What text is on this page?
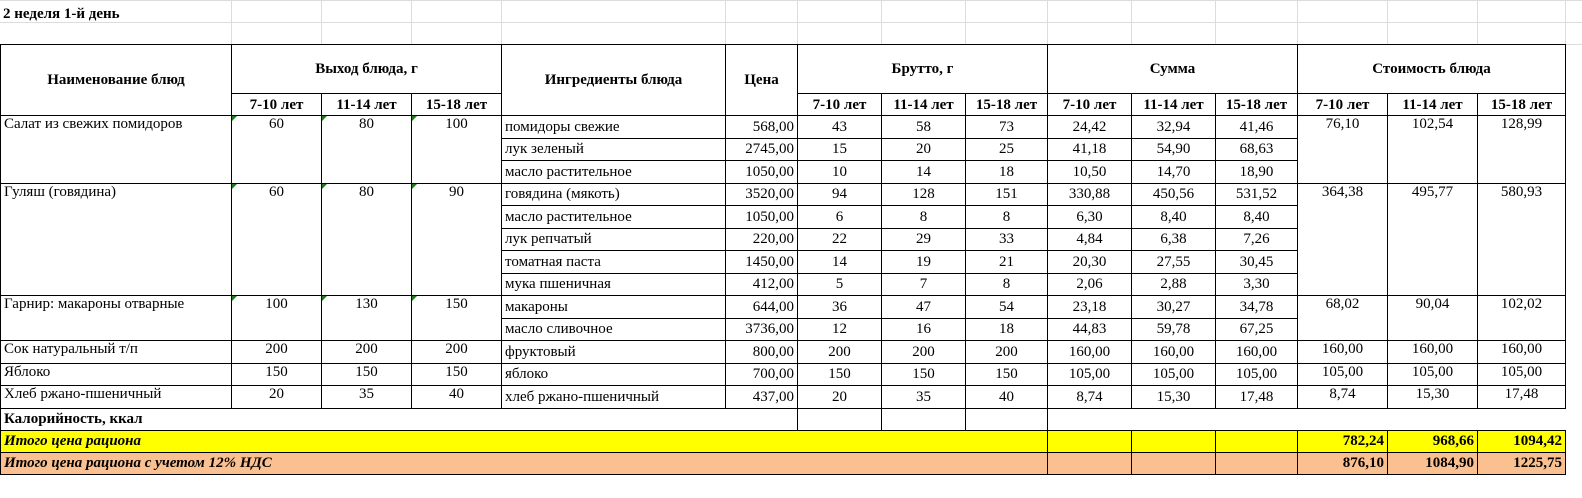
2 неделя 1-й день
Наименование блюд	Выход блюда, г			Ингредиенты блюда	Цена	Брутто, г			Сумма			Стоимость блюда		
	7-10 лет	11-14 лет	15-18 лет			7-10 лет	11-14 лет	15-18 лет	7-10 лет	11-14 лет	15-18 лет	7-10 лет	11-14 лет	15-18 лет
Салат из свежих помидоров	60	80	100	помидоры свежие	568,00	43	58	73	24,42	32,94	41,46	76,10	102,54	128,99
				лук зеленый	2745,00	15	20	25	41,18	54,90	68,63			
				масло растительное	1050,00	10	14	18	10,50	14,70	18,90			
Гуляш (говядина)	60	80	90	говядина (мякоть)	3520,00	94	128	151	330,88	450,56	531,52	364,38	495,77	580,93
				масло растительное	1050,00	6	8	8	6,30	8,40	8,40			
				лук репчатый	220,00	22	29	33	4,84	6,38	7,26			
				томатная паста	1450,00	14	19	21	20,30	27,55	30,45			
				мука пшеничная	412,00	5	7	8	2,06	2,88	3,30			
Гарнир: макароны отварные	100	130	150	макароны	644,00	36	47	54	23,18	30,27	34,78	68,02	90,04	102,02
				масло сливочное	3736,00	12	16	18	44,83	59,78	67,25			
Сок натуральный т/п	200	200	200	фруктовый	800,00	200	200	200	160,00	160,00	160,00	160,00	160,00	160,00
Яблоко	150	150	150	яблоко	700,00	150	150	150	105,00	105,00	105,00	105,00	105,00	105,00
Хлеб ржано-пшеничный	20	35	40	хлеб ржано-пшеничный	437,00	20	35	40	8,74	15,30	17,48	8,74	15,30	17,48
Калорийность, ккал														
Итого цена рациона												782,24	968,66	1094,42
Итого цена рациона с учетом 12% НДС												876,10	1084,90	1225,75
